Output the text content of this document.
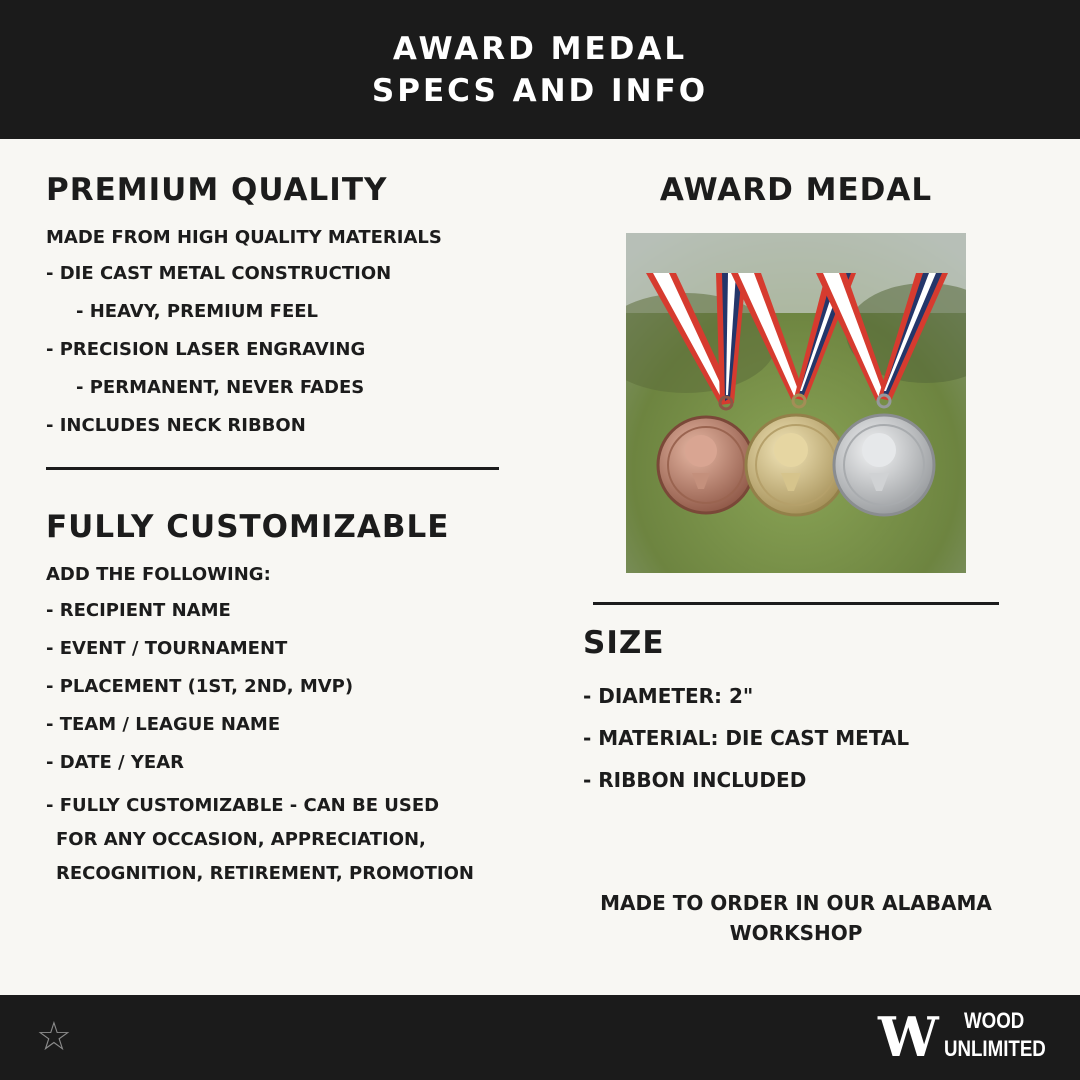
AWARD MEDAL
SPECS AND INFO
PREMIUM QUALITY
MADE FROM HIGH QUALITY MATERIALS
- DIE CAST METAL CONSTRUCTION
- HEAVY, PREMIUM FEEL
- PRECISION LASER ENGRAVING
- PERMANENT, NEVER FADES
- INCLUDES NECK RIBBON
FULLY CUSTOMIZABLE
ADD THE FOLLOWING:
- RECIPIENT NAME
- EVENT / TOURNAMENT
- PLACEMENT (1ST, 2ND, MVP)
- TEAM / LEAGUE NAME
- DATE / YEAR
- FULLY CUSTOMIZABLE - CAN BE USED
FOR ANY OCCASION, APPRECIATION,
RECOGNITION, RETIREMENT, PROMOTION
AWARD MEDAL
SIZE
- DIAMETER: 2"
- MATERIAL: DIE CAST METAL
- RIBBON INCLUDED
MADE TO ORDER IN OUR ALABAMA
WORKSHOP
☆	W WOOD
UNLIMITED
